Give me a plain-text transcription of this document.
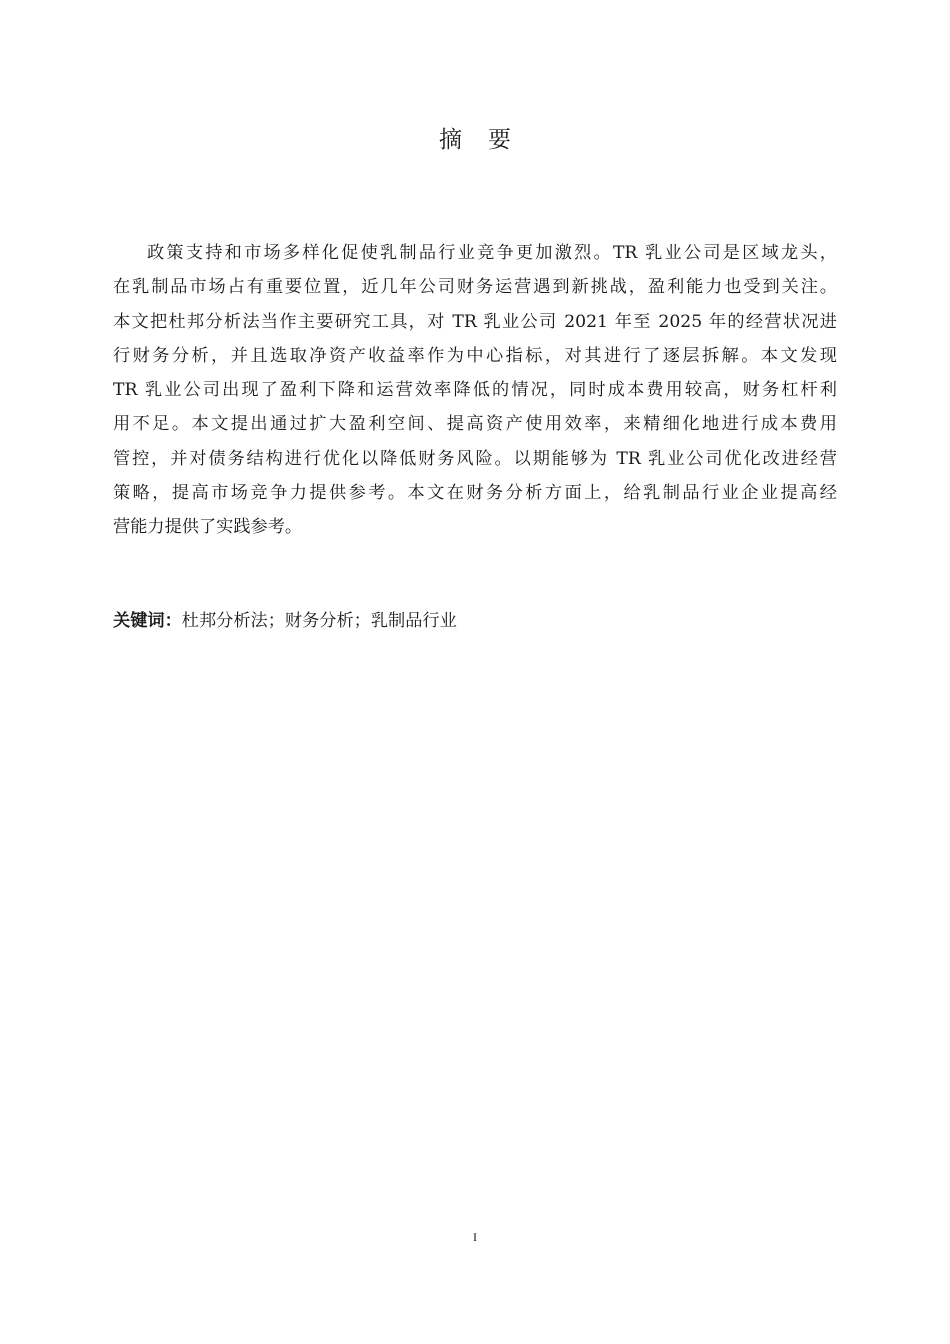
摘要
政策支持和市场多样化促使乳制品行业竞争更加激烈。TR 乳业公司是区域龙头，
在乳制品市场占有重要位置，近几年公司财务运营遇到新挑战，盈利能力也受到关注。
本文把杜邦分析法当作主要研究工具，对 TR 乳业公司 2021 年至 2025 年的经营状况进
行财务分析，并且选取净资产收益率作为中心指标，对其进行了逐层拆解。本文发现
TR 乳业公司出现了盈利下降和运营效率降低的情况，同时成本费用较高，财务杠杆利
用不足。本文提出通过扩大盈利空间、提高资产使用效率，来精细化地进行成本费用
管控，并对债务结构进行优化以降低财务风险。以期能够为 TR 乳业公司优化改进经营
策略，提高市场竞争力提供参考。本文在财务分析方面上，给乳制品行业企业提高经
营能力提供了实践参考。
关键词：杜邦分析法；财务分析；乳制品行业
I
